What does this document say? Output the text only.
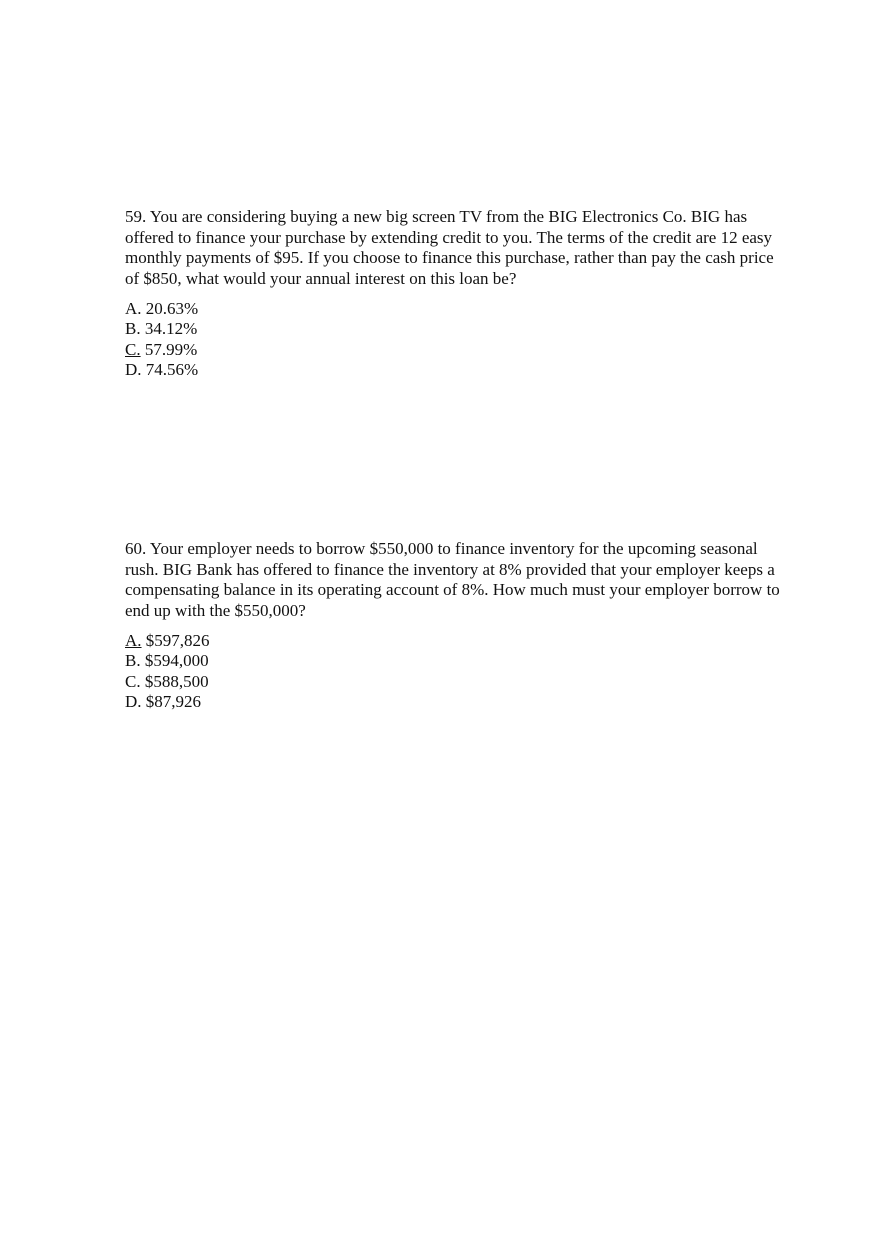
59. You are considering buying a new big screen TV from the BIG Electronics Co. BIG has offered to finance your purchase by extending credit to you. The terms of the credit are 12 easy monthly payments of $95. If you choose to finance this purchase, rather than pay the cash price of $850, what would your annual interest on this loan be?

A. 20.63%
B. 34.12%
C. 57.99%
D. 74.56%

60. Your employer needs to borrow $550,000 to finance inventory for the upcoming seasonal rush. BIG Bank has offered to finance the inventory at 8% provided that your employer keeps a compensating balance in its operating account of 8%. How much must your employer borrow to end up with the $550,000?

A. $597,826
B. $594,000
C. $588,500
D. $87,926
